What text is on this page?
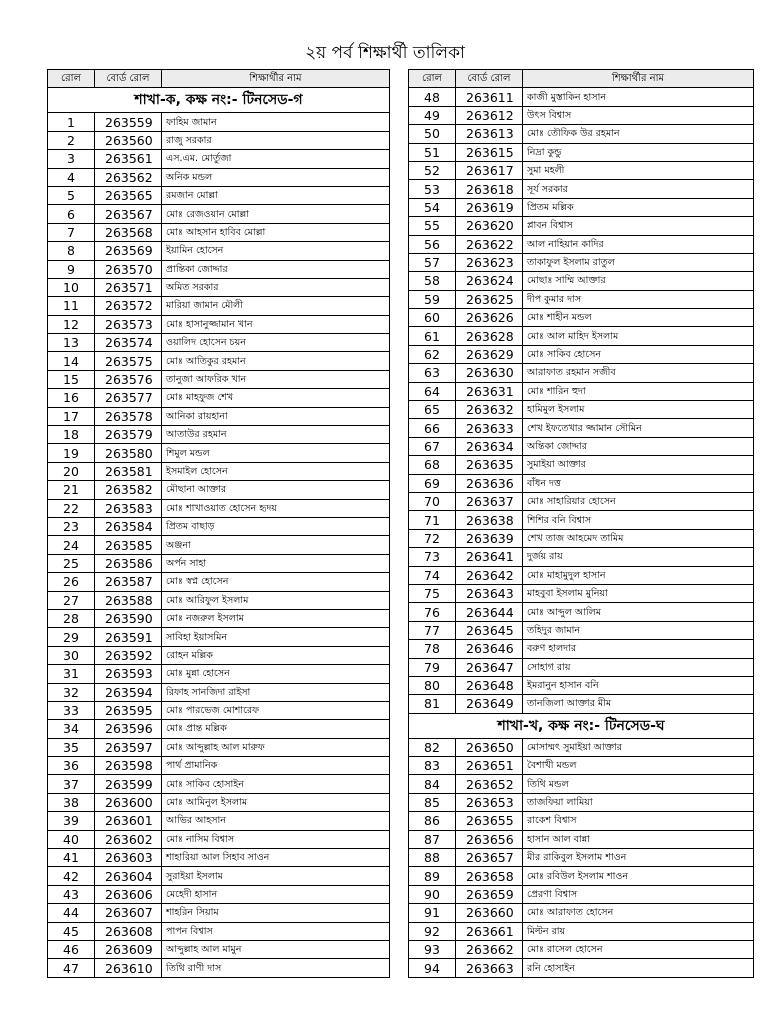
২য় পর্ব শিক্ষার্থী তালিকা
রোল	বোর্ড রোল	শিক্ষার্থীর নাম
শাখা-ক, কক্ষ নং:- টিনসেড-গ		
1	263559	ফাহিম জামান
2	263560	রাজু সরকার
3	263561	এস.এম. মোর্তুজা
4	263562	অনিক মন্ডল
5	263565	রমজান মোল্লা
6	263567	মোঃ রেজওয়ান মোল্লা
7	263568	মোঃ আহসান হাবিব মোল্লা
8	263569	ইয়ামিন হোসেন
9	263570	প্রান্তিকা জোদ্দার
10	263571	অমিত সরকার
11	263572	মারিয়া জামান মৌলী
12	263573	মোঃ হাসানুজ্জামান খান
13	263574	ওয়ালিদ হোসেন চয়ন
14	263575	মোঃ আতিকুর রহমান
15	263576	তানুজা আফরিক খান
16	263577	মোঃ মাহফুজ শেখ
17	263578	আনিকা রায়হানা
18	263579	আতাউর রহমান
19	263580	শিমুল মন্ডল
20	263581	ইসমাইল হোসেন
21	263582	মৌছানা আক্তার
22	263583	মোঃ শাখাওয়াত হোসেন হৃদয়
23	263584	প্রিতম বাছাড়
24	263585	অঞ্জনা
25	263586	অর্পন সাহা
26	263587	মোঃ স্বপ্ন হোসেন
27	263588	মোঃ আরিফুল ইসলাম
28	263590	মোঃ নজরুল ইসলাম
29	263591	সাবিহা ইয়াসমিন
30	263592	রোহন মল্লিক
31	263593	মোঃ মুন্না হোসেন
32	263594	রিফাহ সানজিদা রাইসা
33	263595	মোঃ পারভেজ মোশারেফ
34	263596	মোঃ প্রান্ত মল্লিক
35	263597	মোঃ আব্দুল্লাহ আল মারুফ
36	263598	পার্থ প্রামানিক
37	263599	মোঃ সাকিব হোসাইন
38	263600	মোঃ আমিনুল ইসলাম
39	263601	আভির আহসান
40	263602	মোঃ নাসিম বিশ্বাস
41	263603	শাহারিয়া আল সিহাব সাওন
42	263604	সুরাইয়া ইসলাম
43	263606	মেহেদী হাসান
44	263607	শাহরিন সিয়াম
45	263608	পাপন বিশ্বাস
46	263609	আব্দুল্লাহ আল মামুন
47	263610	তিথি রাণী দাস
রোল	বোর্ড রোল	শিক্ষার্থীর নাম
48	263611	কাজী মুস্তাকিন হাসান
49	263612	উৎস বিশ্বাস
50	263613	মোঃ তৌফিক উর রহমান
51	263615	নিদ্রা কুন্ডু
52	263617	সুমা মহলী
53	263618	সূর্য সরকার
54	263619	প্রিতম মল্লিক
55	263620	প্লাবন বিশ্বাস
56	263622	আল নাহিয়ান কাদির
57	263623	তাকাফুল ইসলাম রাতুল
58	263624	মোছাঃ সাম্মি আক্তার
59	263625	দীপ কুমার দাস
60	263626	মোঃ শাহীন মন্ডল
61	263628	মোঃ আল মাহিদ ইসলাম
62	263629	মোঃ সাকিব হোসেন
63	263630	আরাফাত রহমান সজীব
64	263631	মোঃ শারিন হুদা
65	263632	হামিমুল ইসলাম
66	263633	শেখ ইফতেখার জ্জামান সৌমিন
67	263634	অন্তিকা জোদ্দার
68	263635	সুমাইয়া আক্তার
69	263636	বাঁধন দত্ত
70	263637	মোঃ সাহারিয়ার হোসেন
71	263638	শিশির বনি বিশ্বাস
72	263639	শেখ তাজ আহমেদ তামিম
73	263641	দুর্জয় রায়
74	263642	মোঃ মাহামুদুল হাসান
75	263643	মাহবুবা ইসলাম মুনিয়া
76	263644	মোঃ আব্দুল আলিম
77	263645	তহিদুর জামান
78	263646	বরুণ হালদার
79	263647	সোহাগ রায়
80	263648	ইমরানুন হাসান বনি
81	263649	তানজিলা আক্তার মীম
শাখা-খ, কক্ষ নং:- টিনসেড-ঘ		
82	263650	মোসাম্মৎ সুমাইয়া আক্তার
83	263651	বৈশাখী মন্ডল
84	263652	তিথি মন্ডল
85	263653	তাজফিয়া লামিয়া
86	263655	রাকেশ বিশ্বাস
87	263656	হাসান আল বান্না
88	263657	মীর রাকিবুল ইসলাম শাওন
89	263658	মোঃ রবিউল ইসলাম শাওন
90	263659	প্রেরণা বিশ্বাস
91	263660	মোঃ আরাফাত হোসেন
92	263661	মিল্টন রায়
93	263662	মোঃ রাসেল হোসেন
94	263663	রনি হোসাইন
